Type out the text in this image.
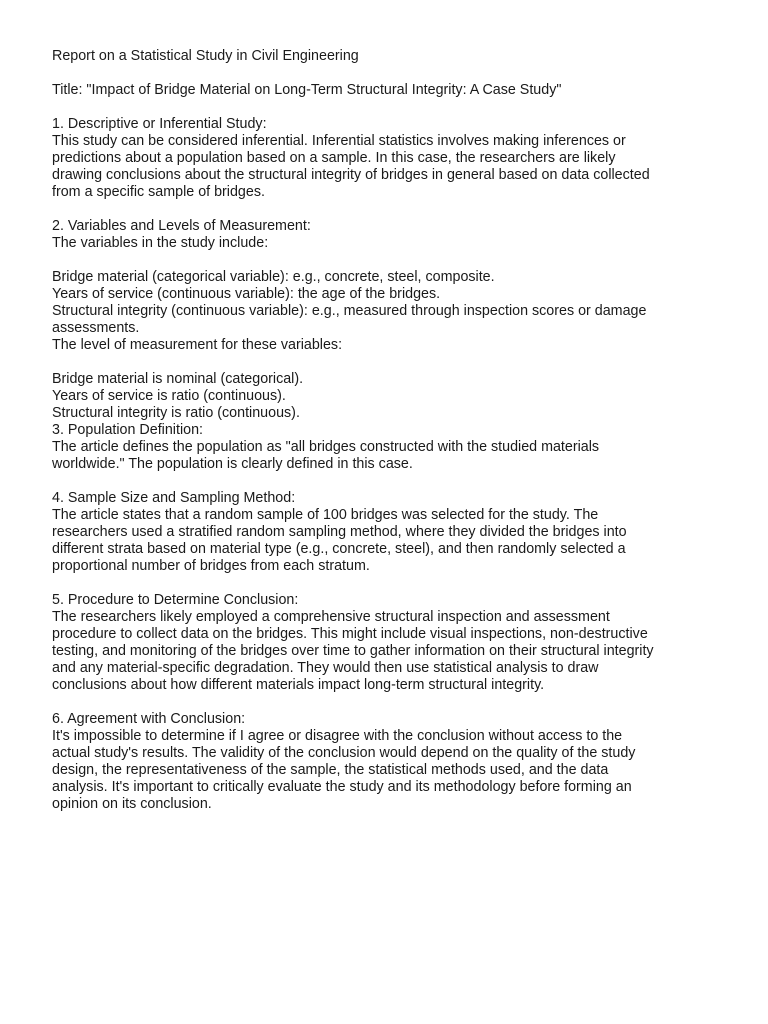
Report on a Statistical Study in Civil Engineering
Title: "Impact of Bridge Material on Long-Term Structural Integrity: A Case Study"
1. Descriptive or Inferential Study:
This study can be considered inferential. Inferential statistics involves making inferences or
predictions about a population based on a sample. In this case, the researchers are likely
drawing conclusions about the structural integrity of bridges in general based on data collected
from a specific sample of bridges.
2. Variables and Levels of Measurement:
The variables in the study include:
Bridge material (categorical variable): e.g., concrete, steel, composite.
Years of service (continuous variable): the age of the bridges.
Structural integrity (continuous variable): e.g., measured through inspection scores or damage
assessments.
The level of measurement for these variables:
Bridge material is nominal (categorical).
Years of service is ratio (continuous).
Structural integrity is ratio (continuous).
3. Population Definition:
The article defines the population as "all bridges constructed with the studied materials
worldwide." The population is clearly defined in this case.
4. Sample Size and Sampling Method:
The article states that a random sample of 100 bridges was selected for the study. The
researchers used a stratified random sampling method, where they divided the bridges into
different strata based on material type (e.g., concrete, steel), and then randomly selected a
proportional number of bridges from each stratum.
5. Procedure to Determine Conclusion:
The researchers likely employed a comprehensive structural inspection and assessment
procedure to collect data on the bridges. This might include visual inspections, non-destructive
testing, and monitoring of the bridges over time to gather information on their structural integrity
and any material-specific degradation. They would then use statistical analysis to draw
conclusions about how different materials impact long-term structural integrity.
6. Agreement with Conclusion:
It's impossible to determine if I agree or disagree with the conclusion without access to the
actual study's results. The validity of the conclusion would depend on the quality of the study
design, the representativeness of the sample, the statistical methods used, and the data
analysis. It's important to critically evaluate the study and its methodology before forming an
opinion on its conclusion.
